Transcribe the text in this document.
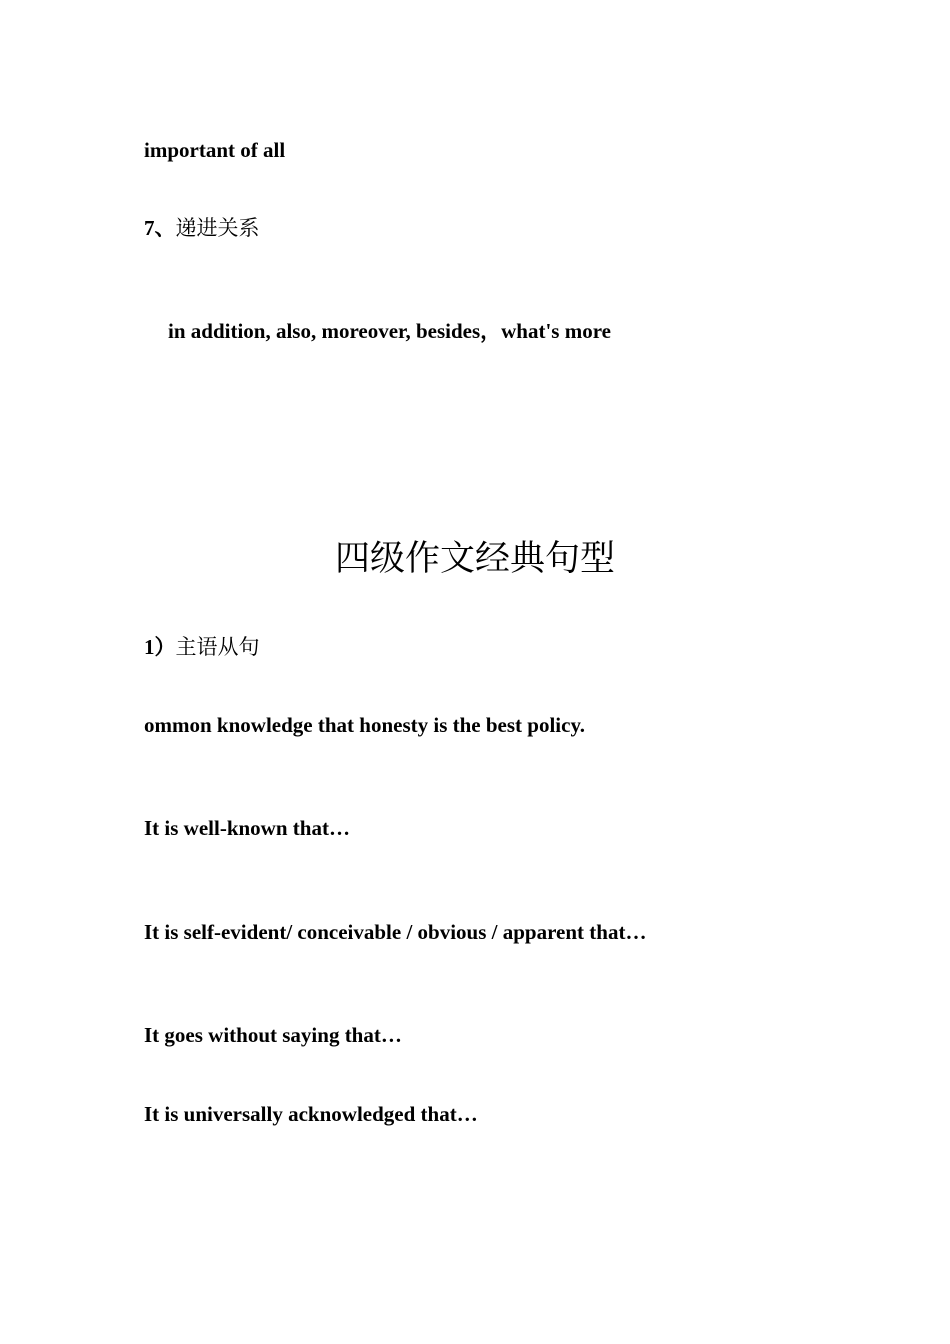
important of all

7、递进关系

in addition, also, moreover, besides，what's more

四级作文经典句型

1）主语从句

ommon knowledge that honesty is the best policy.

It is well-known that…

It is self-evident/ conceivable / obvious / apparent that…

It goes without saying that…

It is universally acknowledged that…
